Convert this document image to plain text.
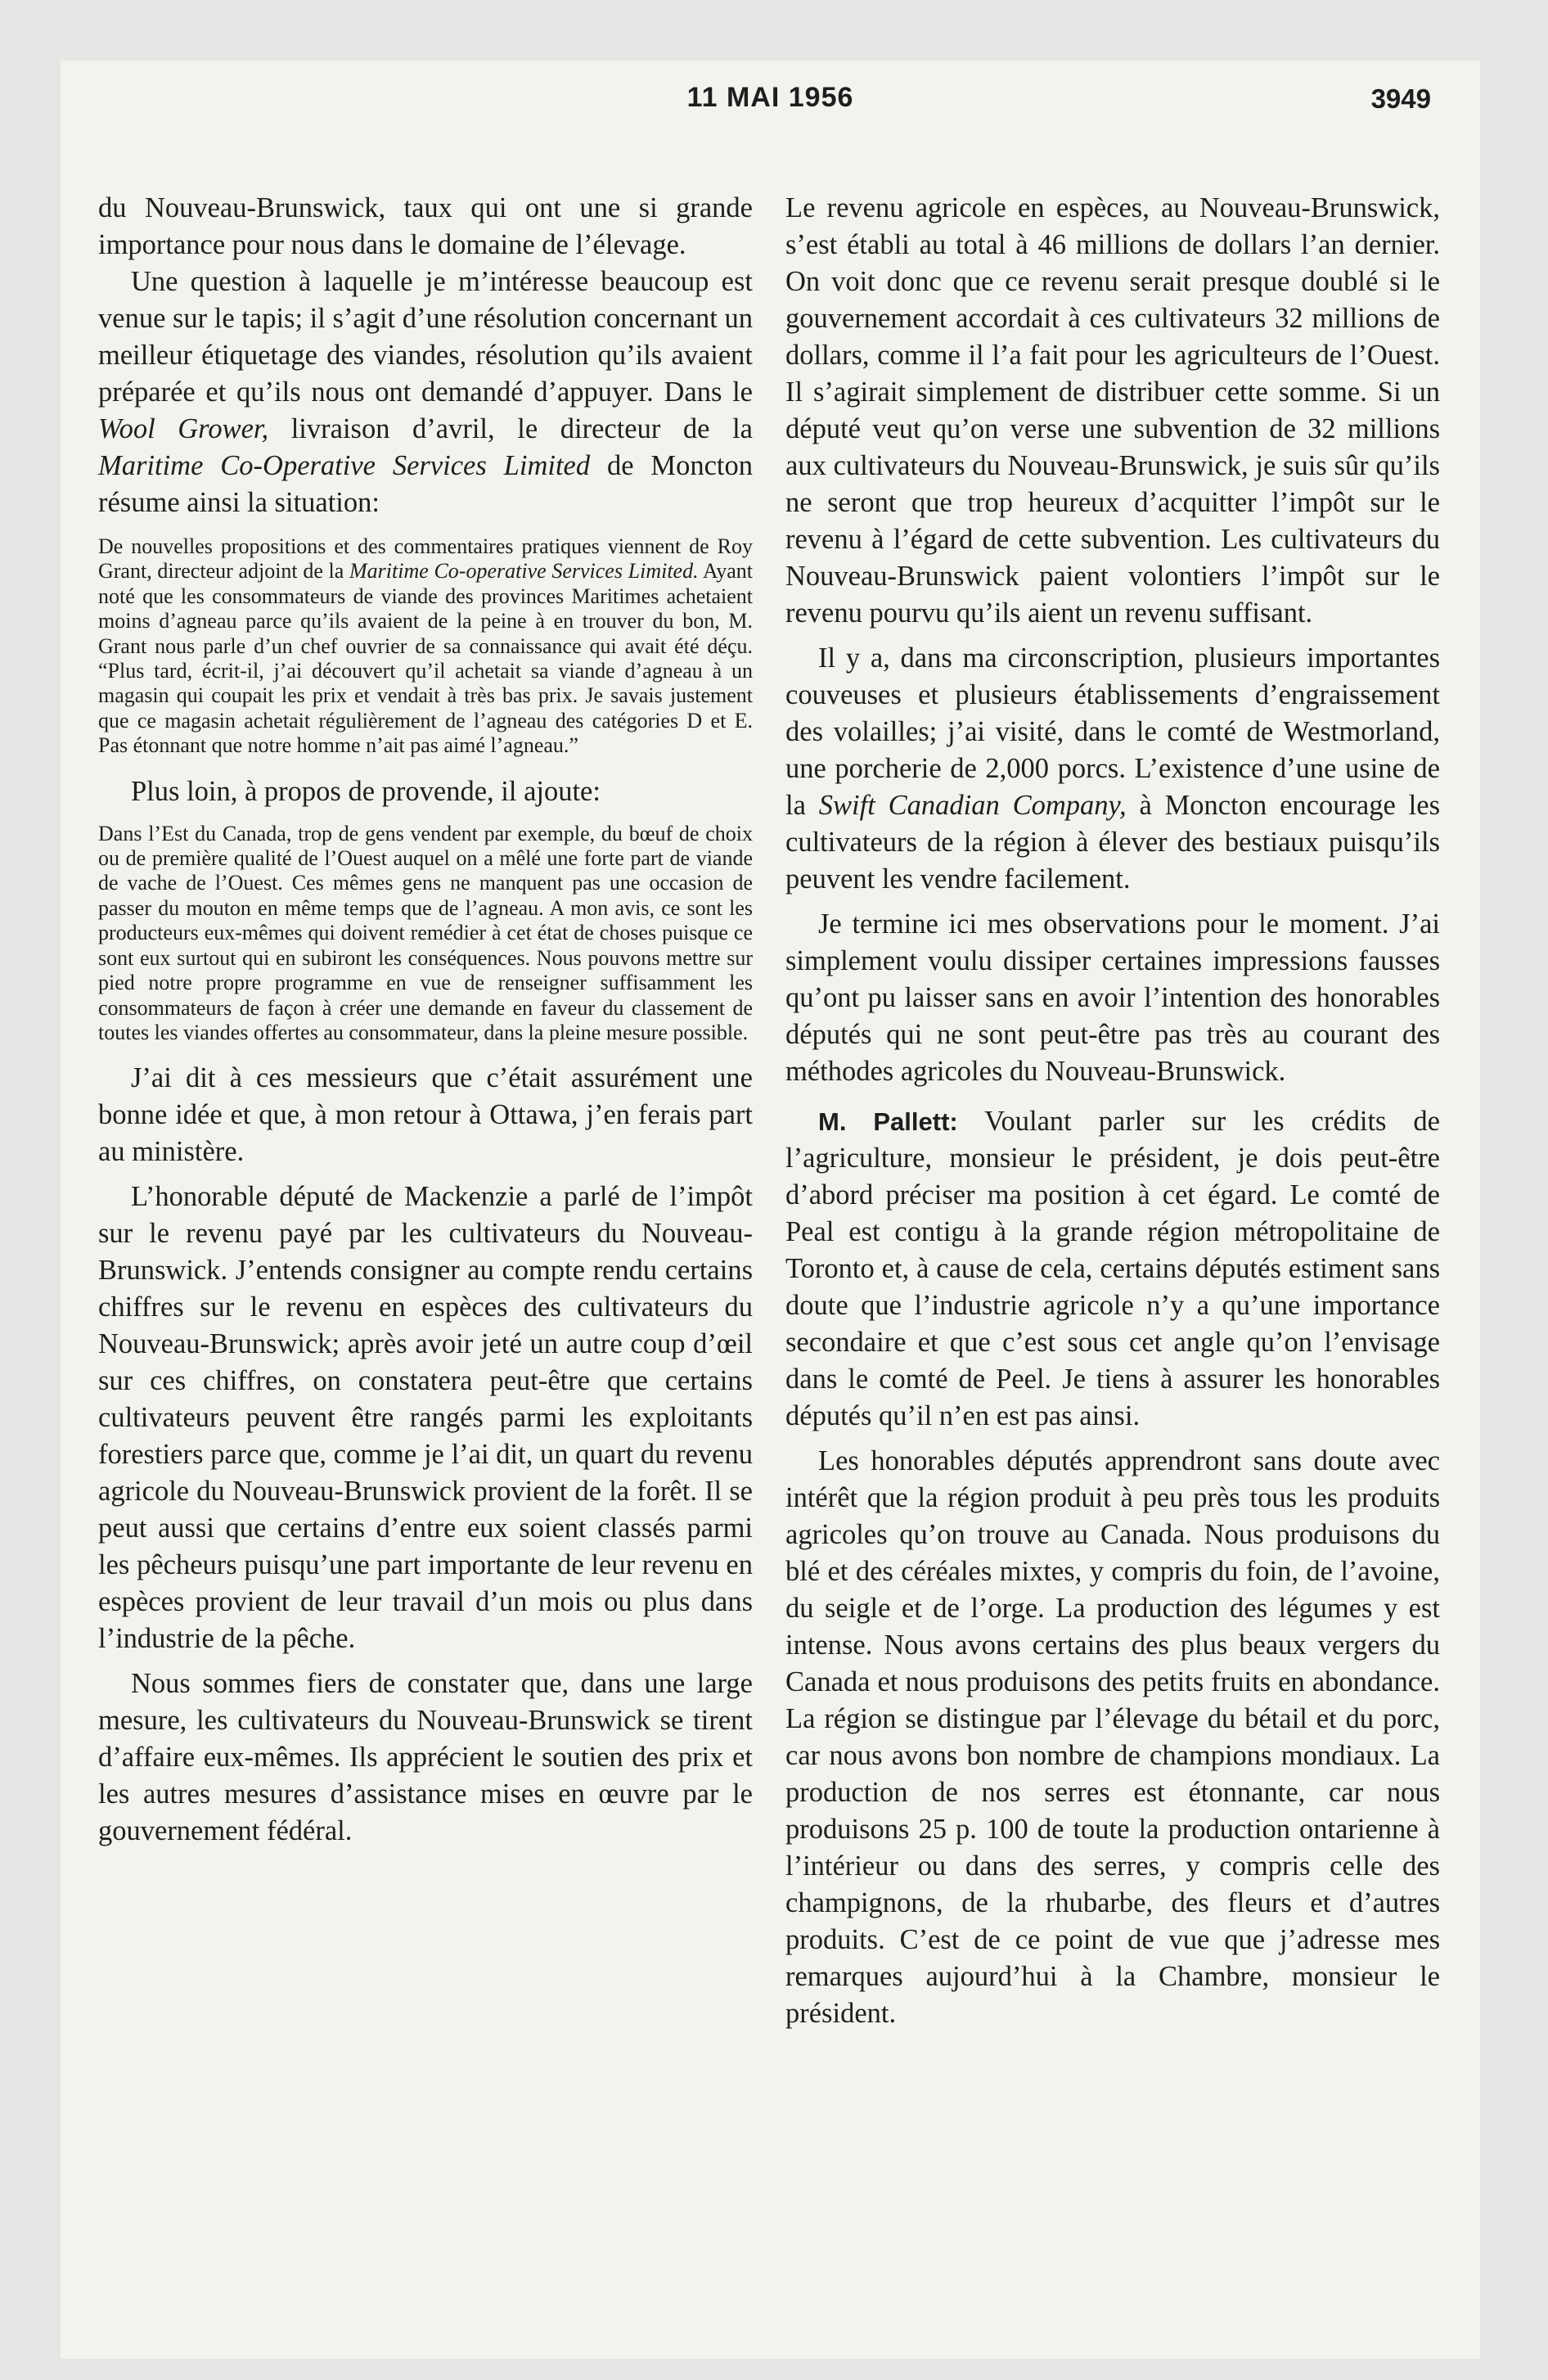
11 MAI 1956	3949

du Nouveau-Brunswick, taux qui ont une si grande importance pour nous dans le domaine de l’élevage.

Une question à laquelle je m’intéresse beaucoup est venue sur le tapis; il s’agit d’une résolution concernant un meilleur étiquetage des viandes, résolution qu’ils avaient préparée et qu’ils nous ont demandé d’appuyer. Dans le Wool Grower, livraison d’avril, le directeur de la Maritime Co-Operative Services Limited de Moncton résume ainsi la situation:

De nouvelles propositions et des commentaires pratiques viennent de Roy Grant, directeur adjoint de la Maritime Co-operative Services Limited. Ayant noté que les consommateurs de viande des provinces Maritimes achetaient moins d’agneau parce qu’ils avaient de la peine à en trouver du bon, M. Grant nous parle d’un chef ouvrier de sa connaissance qui avait été déçu. “Plus tard, écrit-il, j’ai découvert qu’il achetait sa viande d’agneau à un magasin qui coupait les prix et vendait à très bas prix. Je savais justement que ce magasin achetait régulièrement de l’agneau des catégories D et E. Pas étonnant que notre homme n’ait pas aimé l’agneau.”

Plus loin, à propos de provende, il ajoute:

Dans l’Est du Canada, trop de gens vendent par exemple, du bœuf de choix ou de première qualité de l’Ouest auquel on a mêlé une forte part de viande de vache de l’Ouest. Ces mêmes gens ne manquent pas une occasion de passer du mouton en même temps que de l’agneau. A mon avis, ce sont les producteurs eux-mêmes qui doivent remédier à cet état de choses puisque ce sont eux surtout qui en subiront les conséquences. Nous pouvons mettre sur pied notre propre programme en vue de renseigner suffisamment les consommateurs de façon à créer une demande en faveur du classement de toutes les viandes offertes au consommateur, dans la pleine mesure possible.

J’ai dit à ces messieurs que c’était assurément une bonne idée et que, à mon retour à Ottawa, j’en ferais part au ministère.

L’honorable député de Mackenzie a parlé de l’impôt sur le revenu payé par les cultivateurs du Nouveau-Brunswick. J’entends consigner au compte rendu certains chiffres sur le revenu en espèces des cultivateurs du Nouveau-Brunswick; après avoir jeté un autre coup d’œil sur ces chiffres, on constatera peut-être que certains cultivateurs peuvent être rangés parmi les exploitants forestiers parce que, comme je l’ai dit, un quart du revenu agricole du Nouveau-Brunswick provient de la forêt. Il se peut aussi que certains d’entre eux soient classés parmi les pêcheurs puisqu’une part importante de leur revenu en espèces provient de leur travail d’un mois ou plus dans l’industrie de la pêche.

Nous sommes fiers de constater que, dans une large mesure, les cultivateurs du Nouveau-Brunswick se tirent d’affaire eux-mêmes. Ils apprécient le soutien des prix et les autres mesures d’assistance mises en œuvre par le gouvernement fédéral.

Le revenu agricole en espèces, au Nouveau-Brunswick, s’est établi au total à 46 millions de dollars l’an dernier. On voit donc que ce revenu serait presque doublé si le gouvernement accordait à ces cultivateurs 32 millions de dollars, comme il l’a fait pour les agriculteurs de l’Ouest. Il s’agirait simplement de distribuer cette somme. Si un député veut qu’on verse une subvention de 32 millions aux cultivateurs du Nouveau-Brunswick, je suis sûr qu’ils ne seront que trop heureux d’acquitter l’impôt sur le revenu à l’égard de cette subvention. Les cultivateurs du Nouveau-Brunswick paient volontiers l’impôt sur le revenu pourvu qu’ils aient un revenu suffisant.

Il y a, dans ma circonscription, plusieurs importantes couveuses et plusieurs établissements d’engraissement des volailles; j’ai visité, dans le comté de Westmorland, une porcherie de 2,000 porcs. L’existence d’une usine de la Swift Canadian Company, à Moncton encourage les cultivateurs de la région à élever des bestiaux puisqu’ils peuvent les vendre facilement.

Je termine ici mes observations pour le moment. J’ai simplement voulu dissiper certaines impressions fausses qu’ont pu laisser sans en avoir l’intention des honorables députés qui ne sont peut-être pas très au courant des méthodes agricoles du Nouveau-Brunswick.

M. Pallett: Voulant parler sur les crédits de l’agriculture, monsieur le président, je dois peut-être d’abord préciser ma position à cet égard. Le comté de Peal est contigu à la grande région métropolitaine de Toronto et, à cause de cela, certains députés estiment sans doute que l’industrie agricole n’y a qu’une importance secondaire et que c’est sous cet angle qu’on l’envisage dans le comté de Peel. Je tiens à assurer les honorables députés qu’il n’en est pas ainsi.

Les honorables députés apprendront sans doute avec intérêt que la région produit à peu près tous les produits agricoles qu’on trouve au Canada. Nous produisons du blé et des céréales mixtes, y compris du foin, de l’avoine, du seigle et de l’orge. La production des légumes y est intense. Nous avons certains des plus beaux vergers du Canada et nous produisons des petits fruits en abondance. La région se distingue par l’élevage du bétail et du porc, car nous avons bon nombre de champions mondiaux. La production de nos serres est étonnante, car nous produisons 25 p. 100 de toute la production ontarienne à l’intérieur ou dans des serres, y compris celle des champignons, de la rhubarbe, des fleurs et d’autres produits. C’est de ce point de vue que j’adresse mes remarques aujourd’hui à la Chambre, monsieur le président.
